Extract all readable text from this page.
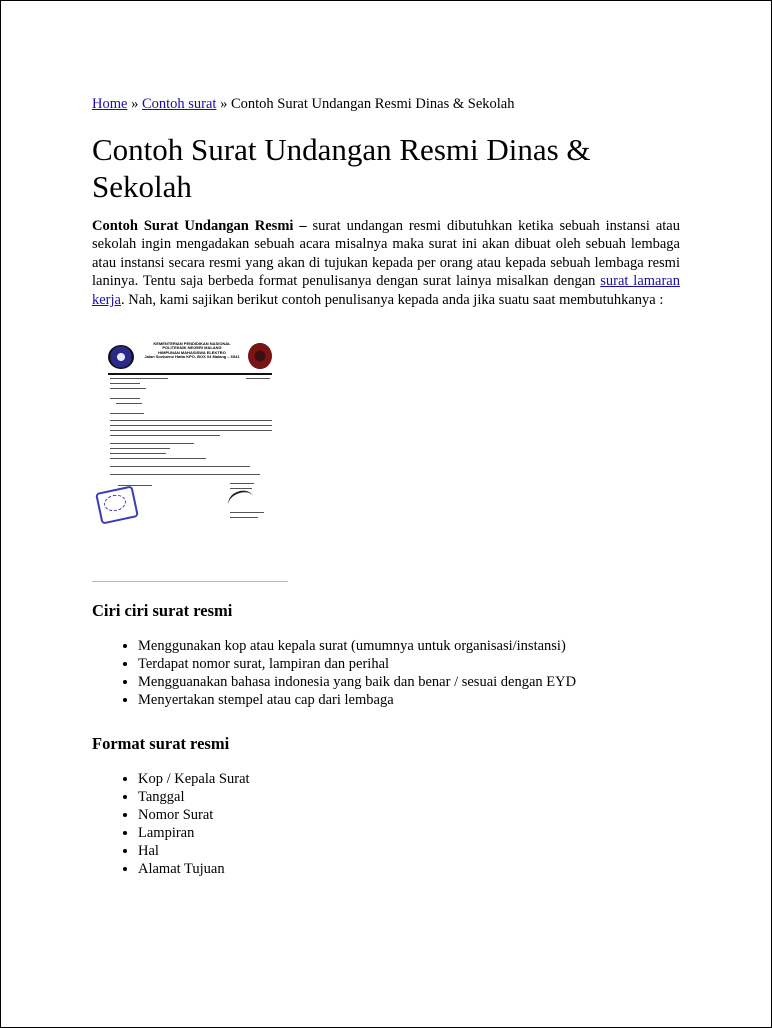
Home » Contoh surat » Contoh Surat Undangan Resmi Dinas & Sekolah

Contoh Surat Undangan Resmi Dinas & Sekolah

Contoh Surat Undangan Resmi – surat undangan resmi dibutuhkan ketika sebuah instansi atau sekolah ingin mengadakan sebuah acara misalnya maka surat ini akan dibuat oleh sebuah lembaga atau instansi secara resmi yang akan di tujukan kepada per orang atau kepada sebuah lembaga resmi laninya. Tentu saja berbeda format penulisanya dengan surat lainya misalkan dengan surat lamaran kerja. Nah, kami sajikan berikut contoh penulisanya kepada anda jika suatu saat membutuhkanya :

KEMENTERIAN PENDIDIKAN NASIONAL
POLITEKNIK NEGERI MALANG
HIMPUNAN MAHASISWA ELEKTRO
Jalan Soekarno Hatta KPO. BOX 04 Malang – 6541
Ciri ciri surat resmi
• Menggunakan kop atau kepala surat (umumnya untuk organisasi/instansi)
• Terdapat nomor surat, lampiran dan perihal
• Mengguanakan bahasa indonesia yang baik dan benar / sesuai dengan EYD
• Menyertakan stempel atau cap dari lembaga
Format surat resmi
• Kop / Kepala Surat
• Tanggal
• Nomor Surat
• Lampiran
• Hal
• Alamat Tujuan
